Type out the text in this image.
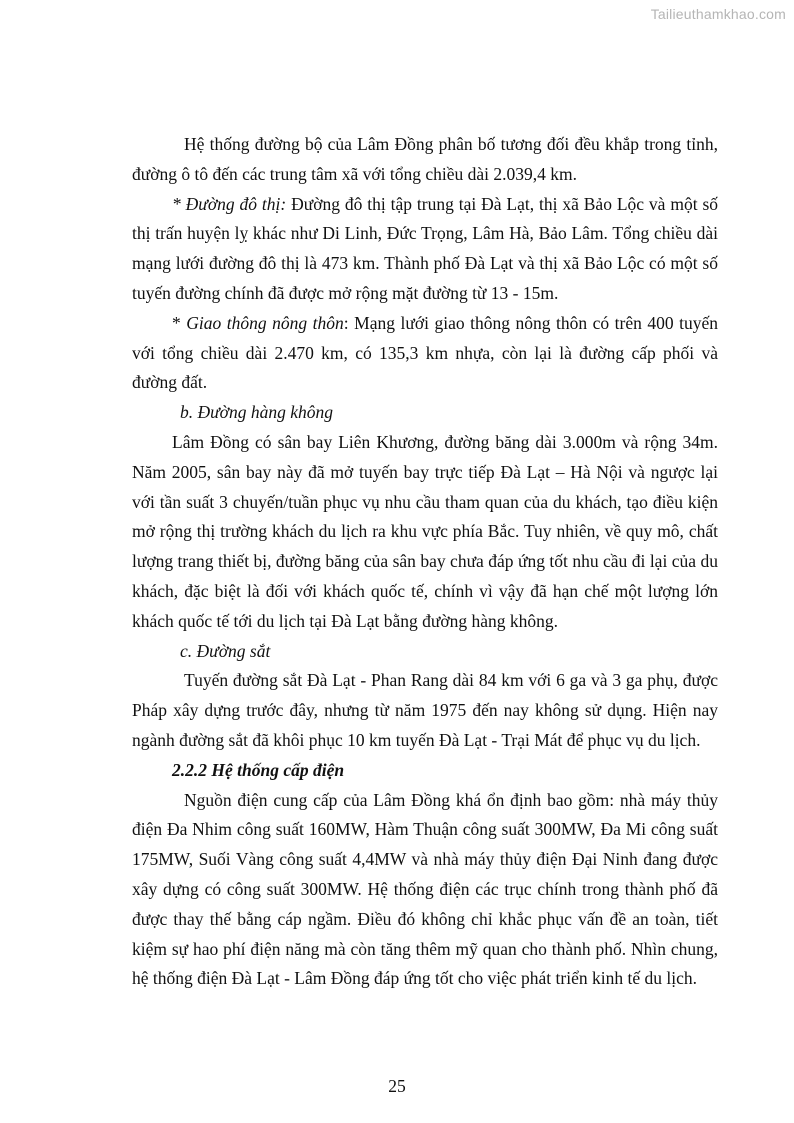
Tailieuthamkhao.com

Hệ thống đường bộ của Lâm Đồng phân bố tương đối đều khắp trong tỉnh, đường ô tô đến các trung tâm xã với tổng chiều dài 2.039,4 km.

* Đường đô thị: Đường đô thị tập trung tại Đà Lạt, thị xã Bảo Lộc và một số thị trấn huyện lỵ khác như Di Linh, Đức Trọng, Lâm Hà, Bảo Lâm. Tổng chiều dài mạng lưới đường đô thị là 473 km. Thành phố Đà Lạt và thị xã Bảo Lộc có một số tuyến đường chính đã được mở rộng mặt đường từ 13 - 15m.

* Giao thông nông thôn: Mạng lưới giao thông nông thôn có trên 400 tuyến với tổng chiều dài 2.470 km, có 135,3 km nhựa, còn lại là đường cấp phối và đường đất.

b. Đường hàng không

Lâm Đồng có sân bay Liên Khương, đường băng dài 3.000m và rộng 34m. Năm 2005, sân bay này đã mở tuyến bay trực tiếp Đà Lạt – Hà Nội và ngược lại với tần suất 3 chuyến/tuần phục vụ nhu cầu tham quan của du khách, tạo điều kiện mở rộng thị trường khách du lịch ra khu vực phía Bắc. Tuy nhiên, về quy mô, chất lượng trang thiết bị, đường băng của sân bay chưa đáp ứng tốt nhu cầu đi lại của du khách, đặc biệt là đối với khách quốc tế, chính vì vậy đã hạn chế một lượng lớn khách quốc tế tới du lịch tại Đà Lạt bằng đường hàng không.

c. Đường sắt

Tuyến đường sắt Đà Lạt - Phan Rang dài 84 km với 6 ga và 3 ga phụ, được Pháp xây dựng trước đây, nhưng từ năm 1975 đến nay không sử dụng. Hiện nay ngành đường sắt đã khôi phục 10 km tuyến Đà Lạt - Trại Mát để phục vụ du lịch.

2.2.2 Hệ thống cấp điện

Nguồn điện cung cấp của Lâm Đồng khá ổn định bao gồm: nhà máy thủy điện Đa Nhim công suất 160MW, Hàm Thuận công suất 300MW, Đa Mi công suất 175MW, Suối Vàng công suất 4,4MW và nhà máy thủy điện Đại Ninh đang được xây dựng có công suất 300MW. Hệ thống điện các trục chính trong thành phố đã được thay thế bằng cáp ngầm. Điều đó không chỉ khắc phục vấn đề an toàn, tiết kiệm sự hao phí điện năng mà còn tăng thêm mỹ quan cho thành phố. Nhìn chung, hệ thống điện Đà Lạt - Lâm Đồng đáp ứng tốt cho việc phát triển kinh tế du lịch.

25
